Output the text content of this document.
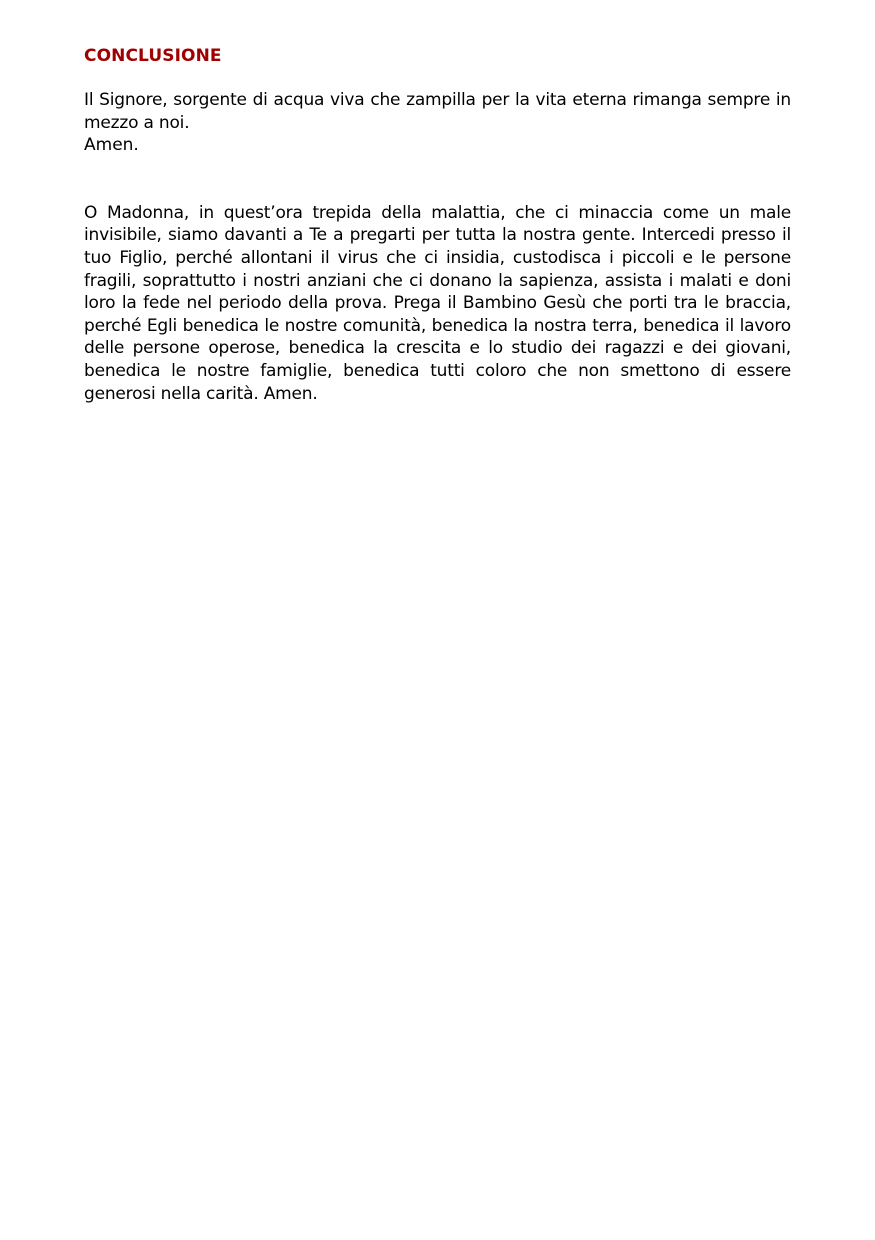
CONCLUSIONE

Il Signore, sorgente di acqua viva che zampilla per la vita eterna rimanga sempre in mezzo a noi.

Amen.

O Madonna, in quest’ora trepida della malattia, che ci minaccia come un male invisibile, siamo davanti a Te a pregarti per tutta la nostra gente. Intercedi presso il tuo Figlio, perché allontani il virus che ci insidia, custodisca i piccoli e le persone fragili, soprattutto i nostri anziani che ci donano la sapienza, assista i malati e doni loro la fede nel periodo della prova. Prega il Bambino Gesù che porti tra le braccia, perché Egli benedica le nostre comunità, benedica la nostra terra, benedica il lavoro delle persone operose, benedica la crescita e lo studio dei ragazzi e dei giovani, benedica le nostre famiglie, benedica tutti coloro che non smettono di essere generosi nella carità. Amen.
